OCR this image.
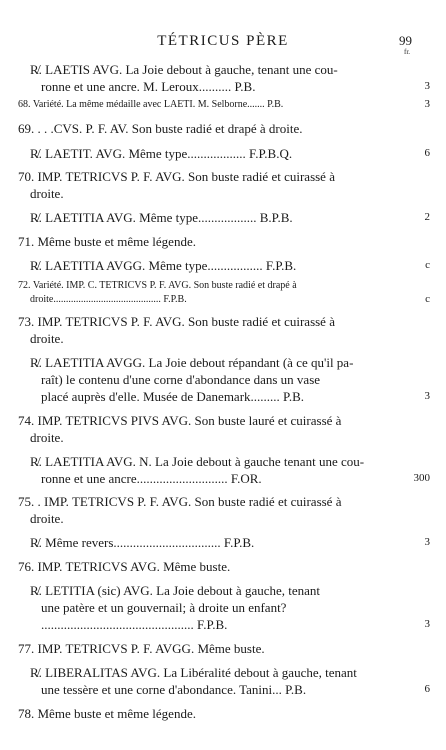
TÉTRICUS PÈRE	99
fr.
R̸. LAETIS AVG. La Joie debout à gauche, tenant une cou-
ronne et une ancre. M. Leroux.......... P.B.
68. Variété. La même médaille avec LAETI. M. Selborne....... P.B.
69. . . .CVS. P. F. AV. Son buste radié et drapé à droite.
R̸. LAETIT. AVG. Même type.................. F.P.B.Q.
70. IMP. TETRICVS P. F. AVG. Son buste radié et cuirassé à
droite.
R̸. LAETITIA AVG. Même type.................. B.P.B.
71. Même buste et même légende.
R̸. LAETITIA AVGG. Même type................. F.P.B.
72. Variété. IMP. C. TETRICVS P. F. AVG. Son buste radié et drapé à
droite........................................... F.P.B.
73. IMP. TETRICVS P. F. AVG. Son buste radié et cuirassé à
droite.
R̸. LAETITIA AVGG. La Joie debout répandant (à ce qu'il pa-
raît) le contenu d'une corne d'abondance dans un vase
placé auprès d'elle. Musée de Danemark......... P.B.
74. IMP. TETRICVS PIVS AVG. Son buste lauré et cuirassé à
droite.
R̸. LAETITIA AVG. N. La Joie debout à gauche tenant une cou-
ronne et une ancre............................ F.OR.
75. . IMP. TETRICVS P. F. AVG. Son buste radié et cuirassé à
droite.
R̸. Même revers................................. F.P.B.
76. IMP. TETRICVS AVG. Même buste.
R̸. LETITIA (sic) AVG. La Joie debout à gauche, tenant
une patère et un gouvernail; à droite un enfant?
............................................... F.P.B.
77. IMP. TETRICVS P. F. AVGG. Même buste.
R̸. LIBERALITAS AVG. La Libéralité debout à gauche, tenant
une tessère et une corne d'abondance. Tanini... P.B.
78. Même buste et même légende.
3
3
6
2
c
c
3
300
3
3
6
